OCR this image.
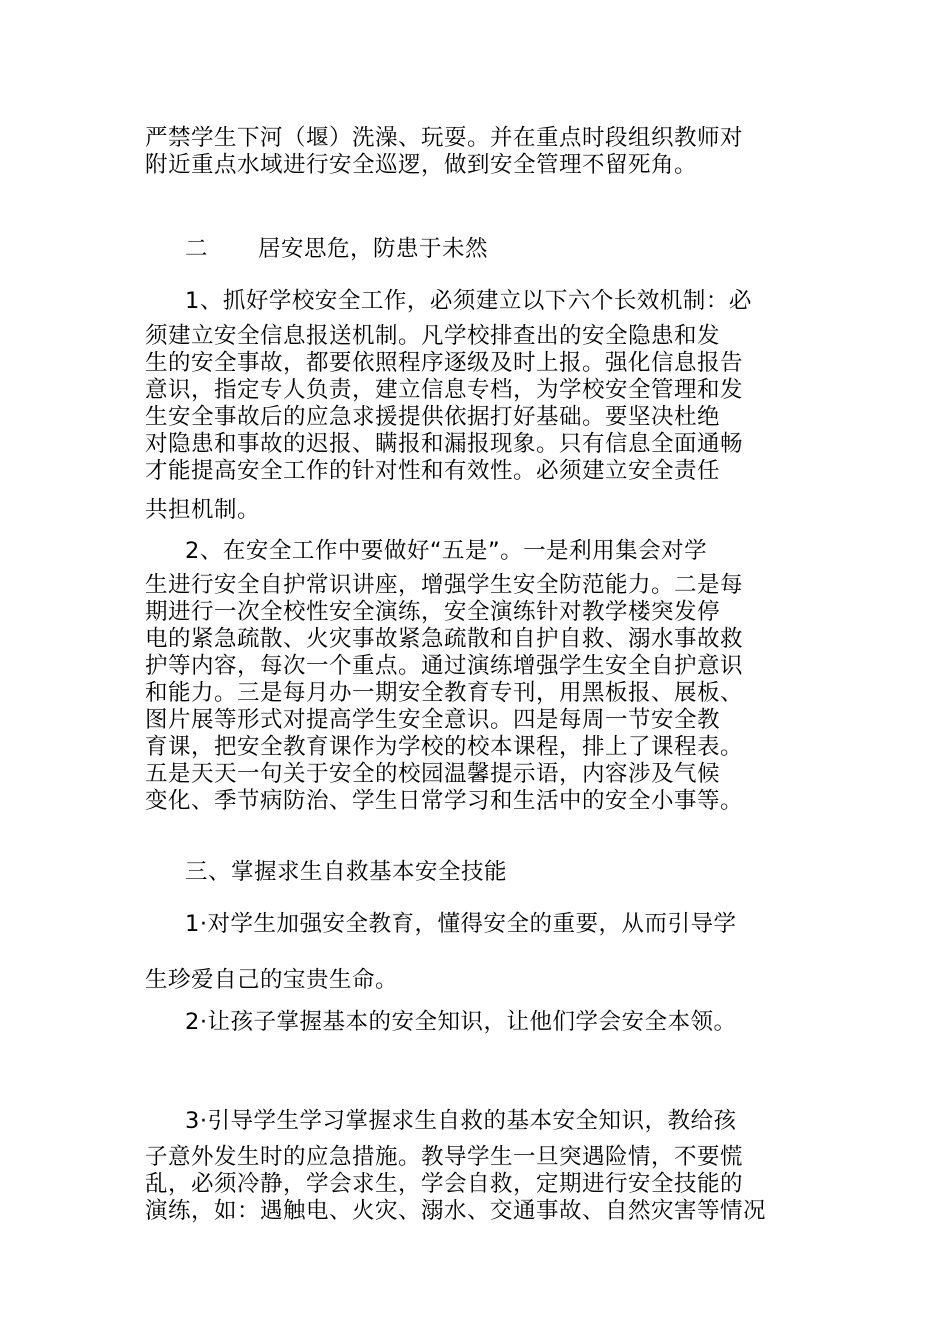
严禁学生下河（堰）洗澡、玩耍。并在重点时段组织教师对
附近重点水域进行安全巡逻，做到安全管理不留死角。
二 居安思危，防患于未然
1、抓好学校安全工作，必须建立以下六个长效机制：必
须建立安全信息报送机制。凡学校排查出的安全隐患和发
生的安全事故，都要依照程序逐级及时上报。强化信息报告
意识，指定专人负责，建立信息专档，为学校安全管理和发
生安全事故后的应急求援提供依据打好基础。要坚决杜绝
对隐患和事故的迟报、瞒报和漏报现象。只有信息全面通畅
才能提高安全工作的针对性和有效性。必须建立安全责任
共担机制。
2、在安全工作中要做好“五是”。一是利用集会对学
生进行安全自护常识讲座，增强学生安全防范能力。二是每
期进行一次全校性安全演练，安全演练针对教学楼突发停
电的紧急疏散、火灾事故紧急疏散和自护自救、溺水事故救
护等内容，每次一个重点。通过演练增强学生安全自护意识
和能力。三是每月办一期安全教育专刊，用黑板报、展板、
图片展等形式对提高学生安全意识。四是每周一节安全教
育课，把安全教育课作为学校的校本课程，排上了课程表。
五是天天一句关于安全的校园温馨提示语，内容涉及气候
变化、季节病防治、学生日常学习和生活中的安全小事等。
三、掌握求生自救基本安全技能
1·对学生加强安全教育，懂得安全的重要，从而引导学
生珍爱自己的宝贵生命。
2·让孩子掌握基本的安全知识，让他们学会安全本领。
3·引导学生学习掌握求生自救的基本安全知识，教给孩
子意外发生时的应急措施。教导学生一旦突遇险情，不要慌
乱，必须冷静，学会求生，学会自救，定期进行安全技能的
演练，如：遇触电、火灾、溺水、交通事故、自然灾害等情况
